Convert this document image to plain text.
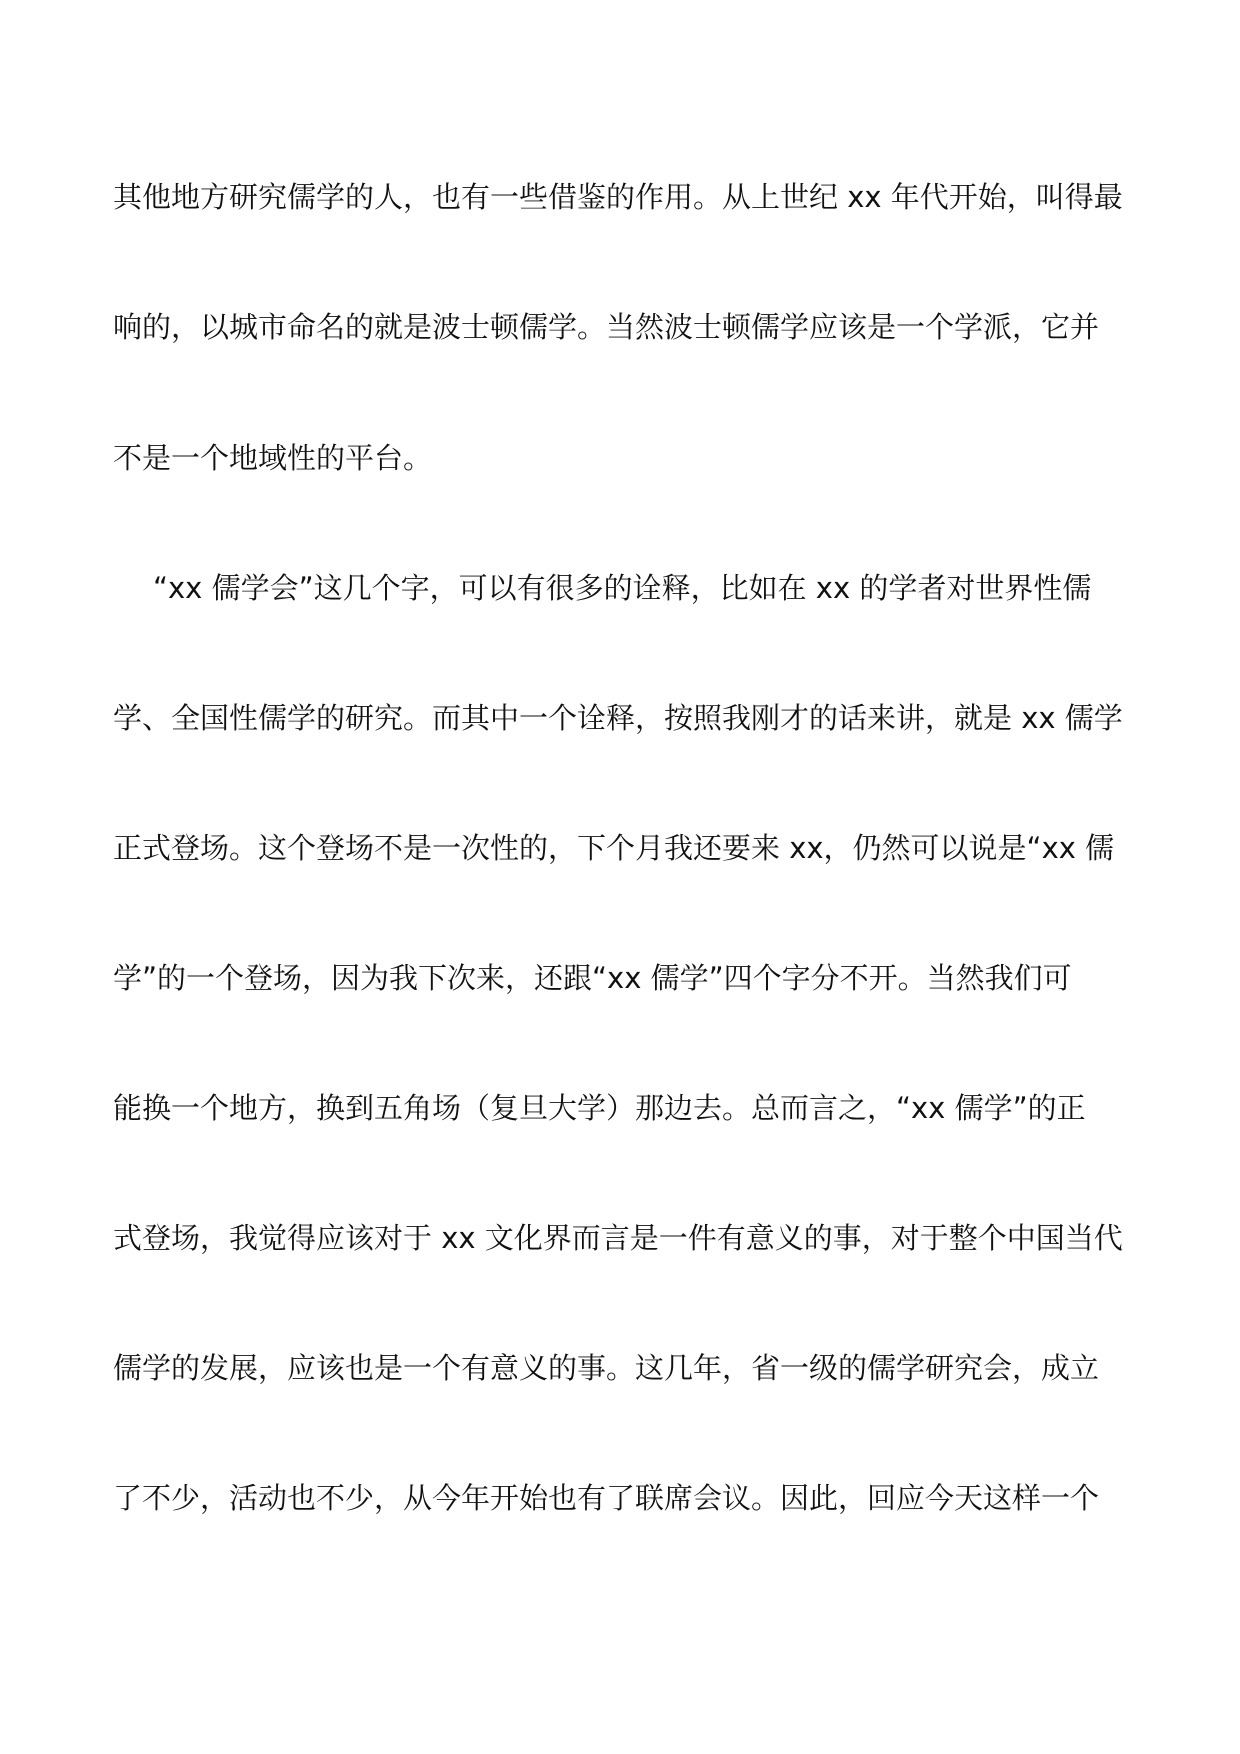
其他地方研究儒学的人，也有一些借鉴的作用。从上世纪 xx 年代开始，叫得最
响的，以城市命名的就是波士顿儒学。当然波士顿儒学应该是一个学派，它并
不是一个地域性的平台。
“xx 儒学会”这几个字，可以有很多的诠释，比如在 xx 的学者对世界性儒
学、全国性儒学的研究。而其中一个诠释，按照我刚才的话来讲，就是 xx 儒学
正式登场。这个登场不是一次性的，下个月我还要来 xx，仍然可以说是“xx 儒
学”的一个登场，因为我下次来，还跟“xx 儒学”四个字分不开。当然我们可
能换一个地方，换到五角场（复旦大学）那边去。总而言之，“xx 儒学”的正
式登场，我觉得应该对于 xx 文化界而言是一件有意义的事，对于整个中国当代
儒学的发展，应该也是一个有意义的事。这几年，省一级的儒学研究会，成立
了不少，活动也不少，从今年开始也有了联席会议。因此，回应今天这样一个
